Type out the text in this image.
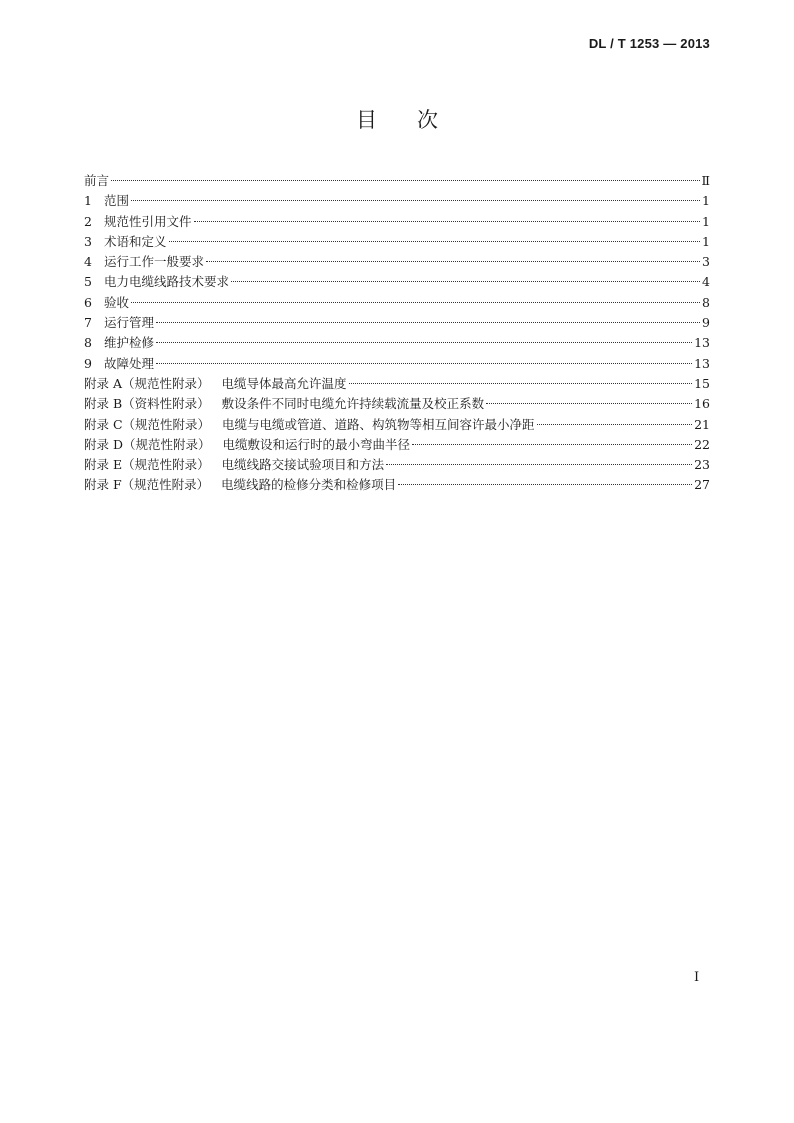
DL / T 1253 — 2013
目次
前言	Ⅱ
1 范围	1
2 规范性引用文件	1
3 术语和定义	1
4 运行工作一般要求	3
5 电力电缆线路技术要求	4
6 验收	8
7 运行管理	9
8 维护检修	13
9 故障处理	13
附录 A（规范性附录） 电缆导体最高允许温度	15
附录 B（资料性附录） 敷设条件不同时电缆允许持续载流量及校正系数	16
附录 C（规范性附录） 电缆与电缆或管道、道路、构筑物等相互间容许最小净距	21
附录 D（规范性附录） 电缆敷设和运行时的最小弯曲半径	22
附录 E（规范性附录） 电缆线路交接试验项目和方法	23
附录 F（规范性附录） 电缆线路的检修分类和检修项目	27
I
